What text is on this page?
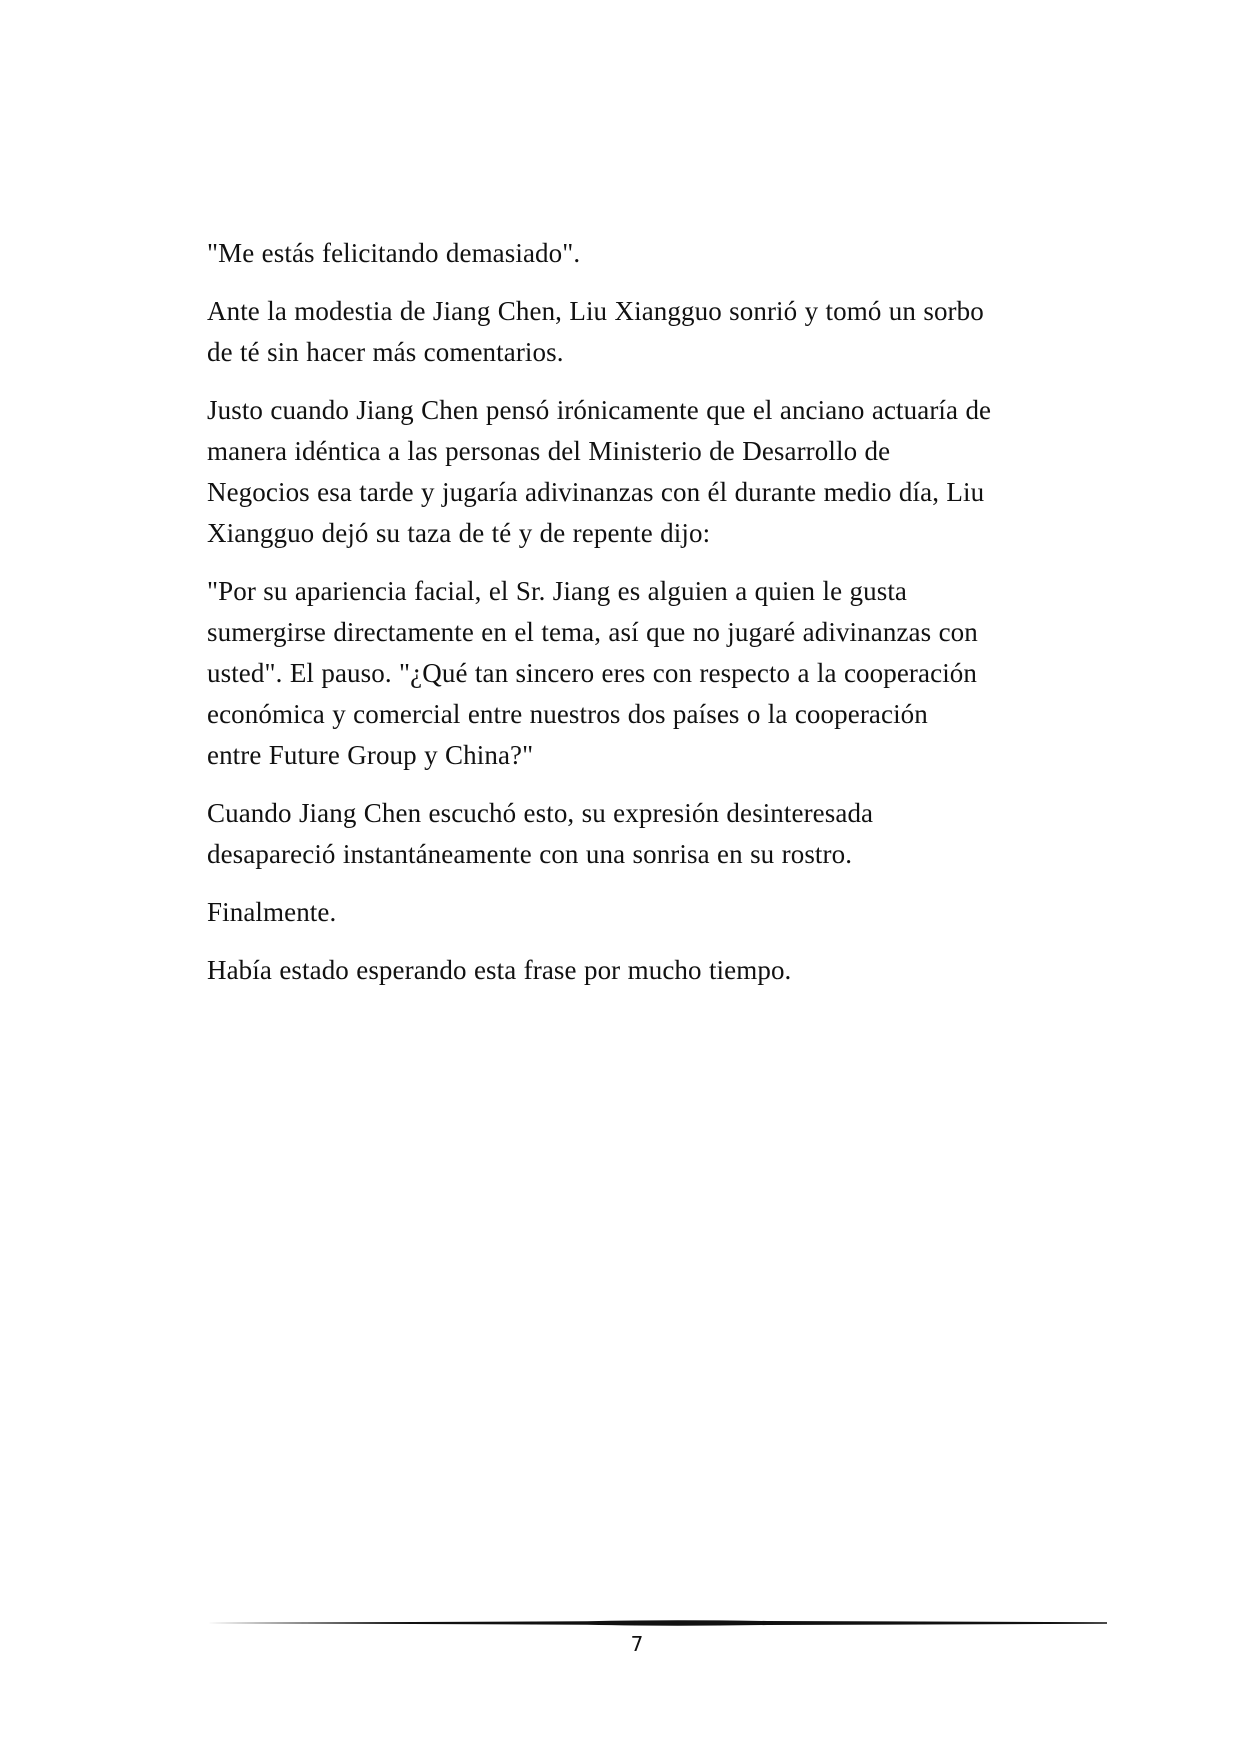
"Me estás felicitando demasiado".

Ante la modestia de Jiang Chen, Liu Xiangguo sonrió y tomó un sorbo
de té sin hacer más comentarios.

Justo cuando Jiang Chen pensó irónicamente que el anciano actuaría de
manera idéntica a las personas del Ministerio de Desarrollo de
Negocios esa tarde y jugaría adivinanzas con él durante medio día, Liu
Xiangguo dejó su taza de té y de repente dijo:

"Por su apariencia facial, el Sr. Jiang es alguien a quien le gusta
sumergirse directamente en el tema, así que no jugaré adivinanzas con
usted". El pauso. "¿Qué tan sincero eres con respecto a la cooperación
económica y comercial entre nuestros dos países o la cooperación
entre Future Group y China?"

Cuando Jiang Chen escuchó esto, su expresión desinteresada
desapareció instantáneamente con una sonrisa en su rostro.

Finalmente.

Había estado esperando esta frase por mucho tiempo.

7
